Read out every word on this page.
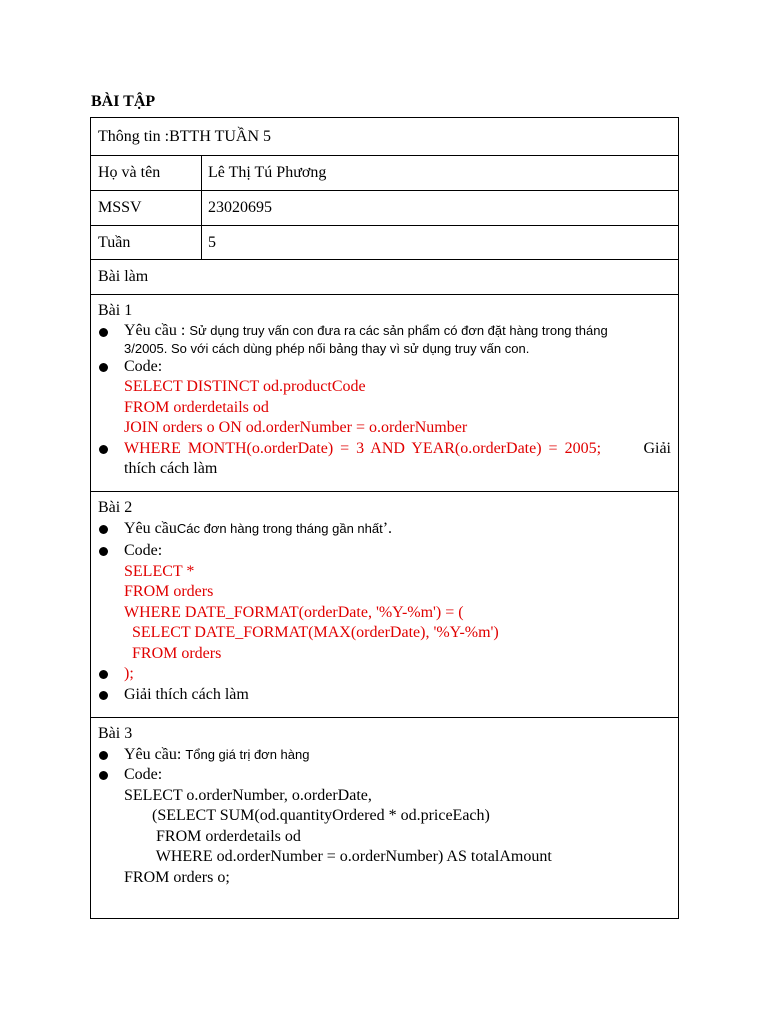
BÀI TẬP
Thông tin :BTTH TUẦN 5
Họ và tên	Lê Thị Tú Phương
MSSV	23020695
Tuần	5
Bài làm
Bài 1
Yêu cầu : Sử dụng truy vấn con đưa ra các sản phẩm có đơn đặt hàng trong tháng
3/2005. So với cách dùng phép nối bảng thay vì sử dụng truy vấn con.
Code:
SELECT DISTINCT od.productCode
FROM orderdetails od
JOIN orders o ON od.orderNumber = o.orderNumber
WHERE MONTH(o.orderDate) = 3 AND YEAR(o.orderDate) = 2005;	Giải
thích cách làm
Bài 2
Yêu cầuCác đơn hàng trong tháng gần nhất’.
Code:
SELECT *
FROM orders
WHERE DATE_FORMAT(orderDate, '%Y-%m') = (
SELECT DATE_FORMAT(MAX(orderDate), '%Y-%m')
FROM orders
);
Giải thích cách làm
Bài 3
Yêu cầu: Tổng giá trị đơn hàng
Code:
SELECT o.orderNumber, o.orderDate,
(SELECT SUM(od.quantityOrdered * od.priceEach)
FROM orderdetails od
WHERE od.orderNumber = o.orderNumber) AS totalAmount
FROM orders o;
